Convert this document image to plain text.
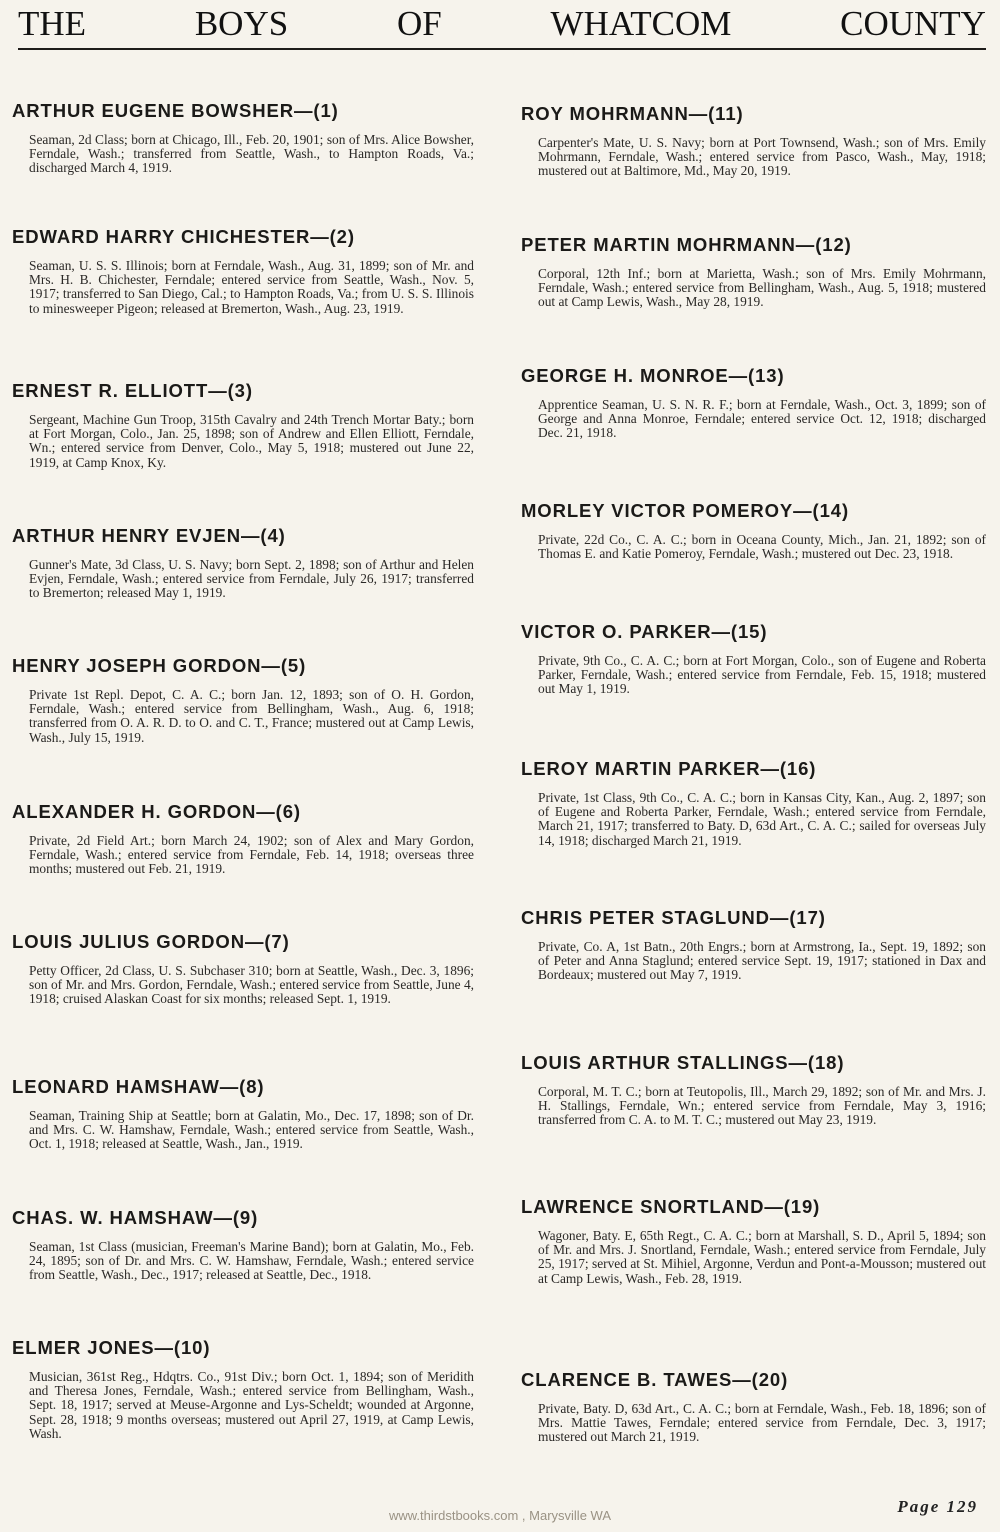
THE	BOYS	OF	WHATCOM	COUNTY
ARTHUR EUGENE BOWSHER—(1)

Seaman, 2d Class; born at Chicago, Ill., Feb. 20, 1901; son of Mrs. Alice Bowsher, Ferndale, Wash.; transferred from Seattle, Wash., to Hampton Roads, Va.; discharged March 4, 1919.

EDWARD HARRY CHICHESTER—(2)

Seaman, U. S. S. Illinois; born at Ferndale, Wash., Aug. 31, 1899; son of Mr. and Mrs. H. B. Chichester, Ferndale; entered service from Seattle, Wash., Nov. 5, 1917; transferred to San Diego, Cal.; to Hampton Roads, Va.; from U. S. S. Illinois to minesweeper Pigeon; released at Bremerton, Wash., Aug. 23, 1919.

ERNEST R. ELLIOTT—(3)

Sergeant, Machine Gun Troop, 315th Cavalry and 24th Trench Mortar Baty.; born at Fort Morgan, Colo., Jan. 25, 1898; son of Andrew and Ellen Elliott, Ferndale, Wn.; entered service from Denver, Colo., May 5, 1918; mustered out June 22, 1919, at Camp Knox, Ky.

ARTHUR HENRY EVJEN—(4)

Gunner's Mate, 3d Class, U. S. Navy; born Sept. 2, 1898; son of Arthur and Helen Evjen, Ferndale, Wash.; entered service from Ferndale, July 26, 1917; transferred to Bremerton; released May 1, 1919.

HENRY JOSEPH GORDON—(5)

Private 1st Repl. Depot, C. A. C.; born Jan. 12, 1893; son of O. H. Gordon, Ferndale, Wash.; entered service from Bellingham, Wash., Aug. 6, 1918; transferred from O. A. R. D. to O. and C. T., France; mustered out at Camp Lewis, Wash., July 15, 1919.

ALEXANDER H. GORDON—(6)

Private, 2d Field Art.; born March 24, 1902; son of Alex and Mary Gordon, Ferndale, Wash.; entered service from Ferndale, Feb. 14, 1918; overseas three months; mustered out Feb. 21, 1919.

LOUIS JULIUS GORDON—(7)

Petty Officer, 2d Class, U. S. Subchaser 310; born at Seattle, Wash., Dec. 3, 1896; son of Mr. and Mrs. Gordon, Ferndale, Wash.; entered service from Seattle, June 4, 1918; cruised Alaskan Coast for six months; released Sept. 1, 1919.

LEONARD HAMSHAW—(8)

Seaman, Training Ship at Seattle; born at Galatin, Mo., Dec. 17, 1898; son of Dr. and Mrs. C. W. Hamshaw, Ferndale, Wash.; entered service from Seattle, Wash., Oct. 1, 1918; released at Seattle, Wash., Jan., 1919.

CHAS. W. HAMSHAW—(9)

Seaman, 1st Class (musician, Freeman's Marine Band); born at Galatin, Mo., Feb. 24, 1895; son of Dr. and Mrs. C. W. Hamshaw, Ferndale, Wash.; entered service from Seattle, Wash., Dec., 1917; released at Seattle, Dec., 1918.

ELMER JONES—(10)

Musician, 361st Reg., Hdqtrs. Co., 91st Div.; born Oct. 1, 1894; son of Meridith and Theresa Jones, Ferndale, Wash.; entered service from Bellingham, Wash., Sept. 18, 1917; served at Meuse-Argonne and Lys-Scheldt; wounded at Argonne, Sept. 28, 1918; 9 months overseas; mustered out April 27, 1919, at Camp Lewis, Wash.

ROY MOHRMANN—(11)

Carpenter's Mate, U. S. Navy; born at Port Townsend, Wash.; son of Mrs. Emily Mohrmann, Ferndale, Wash.; entered service from Pasco, Wash., May, 1918; mustered out at Baltimore, Md., May 20, 1919.

PETER MARTIN MOHRMANN—(12)

Corporal, 12th Inf.; born at Marietta, Wash.; son of Mrs. Emily Mohrmann, Ferndale, Wash.; entered service from Bellingham, Wash., Aug. 5, 1918; mustered out at Camp Lewis, Wash., May 28, 1919.

GEORGE H. MONROE—(13)

Apprentice Seaman, U. S. N. R. F.; born at Ferndale, Wash., Oct. 3, 1899; son of George and Anna Monroe, Ferndale; entered service Oct. 12, 1918; discharged Dec. 21, 1918.

MORLEY VICTOR POMEROY—(14)

Private, 22d Co., C. A. C.; born in Oceana County, Mich., Jan. 21, 1892; son of Thomas E. and Katie Pomeroy, Ferndale, Wash.; mustered out Dec. 23, 1918.

VICTOR O. PARKER—(15)

Private, 9th Co., C. A. C.; born at Fort Morgan, Colo., son of Eugene and Roberta Parker, Ferndale, Wash.; entered service from Ferndale, Feb. 15, 1918; mustered out May 1, 1919.

LEROY MARTIN PARKER—(16)

Private, 1st Class, 9th Co., C. A. C.; born in Kansas City, Kan., Aug. 2, 1897; son of Eugene and Roberta Parker, Ferndale, Wash.; entered service from Ferndale, March 21, 1917; transferred to Baty. D, 63d Art., C. A. C.; sailed for overseas July 14, 1918; discharged March 21, 1919.

CHRIS PETER STAGLUND—(17)

Private, Co. A, 1st Batn., 20th Engrs.; born at Armstrong, Ia., Sept. 19, 1892; son of Peter and Anna Staglund; entered service Sept. 19, 1917; stationed in Dax and Bordeaux; mustered out May 7, 1919.

LOUIS ARTHUR STALLINGS—(18)

Corporal, M. T. C.; born at Teutopolis, Ill., March 29, 1892; son of Mr. and Mrs. J. H. Stallings, Ferndale, Wn.; entered service from Ferndale, May 3, 1916; transferred from C. A. to M. T. C.; mustered out May 23, 1919.

LAWRENCE SNORTLAND—(19)

Wagoner, Baty. E, 65th Regt., C. A. C.; born at Marshall, S. D., April 5, 1894; son of Mr. and Mrs. J. Snortland, Ferndale, Wash.; entered service from Ferndale, July 25, 1917; served at St. Mihiel, Argonne, Verdun and Pont-a-Mousson; mustered out at Camp Lewis, Wash., Feb. 28, 1919.

CLARENCE B. TAWES—(20)

Private, Baty. D, 63d Art., C. A. C.; born at Ferndale, Wash., Feb. 18, 1896; son of Mrs. Mattie Tawes, Ferndale; entered service from Ferndale, Dec. 3, 1917; mustered out March 21, 1919.

www.thirdstbooks.com , Marysville WA	Page 129
